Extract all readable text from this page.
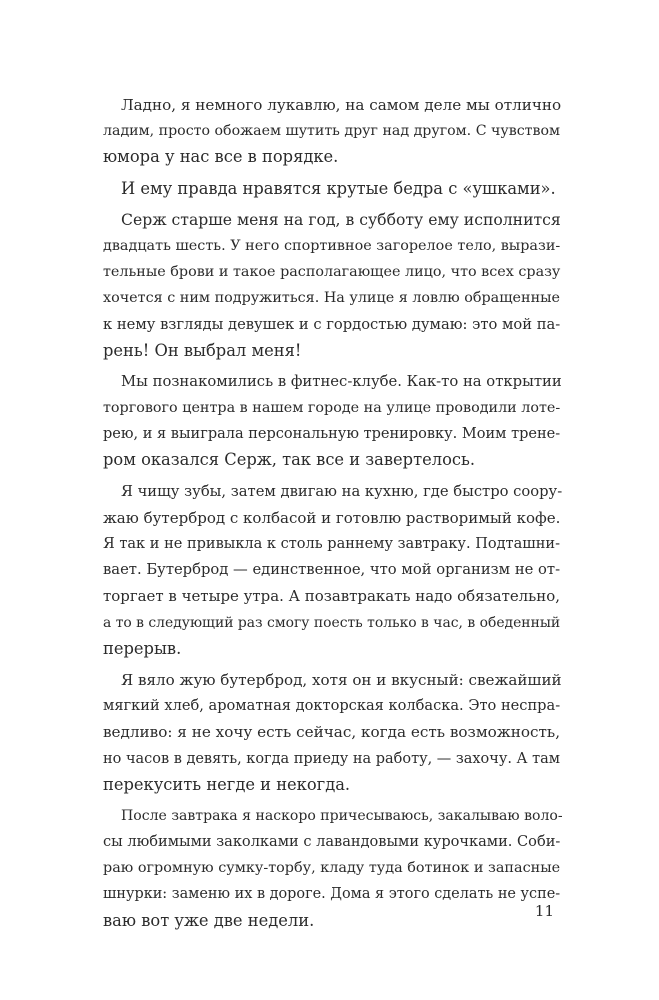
Ладно, я немного лукавлю, на самом деле мы отлично
ладим, просто обожаем шутить друг над другом. С чувством
юмора у нас все в порядке.
И ему правда нравятся крутые бедра с «ушками».
Серж старше меня на год, в субботу ему исполнится
двадцать шесть. У него спортивное загорелое тело, вырази-
тельные брови и такое располагающее лицо, что всех сразу
хочется с ним подружиться. На улице я ловлю обращенные
к нему взгляды девушек и с гордостью думаю: это мой па-
рень! Он выбрал меня!
Мы познакомились в фитнес-клубе. Как-то на открытии
торгового центра в нашем городе на улице проводили лоте-
рею, и я выиграла персональную тренировку. Моим трене-
ром оказался Серж, так все и завертелось.
Я чищу зубы, затем двигаю на кухню, где быстро соору-
жаю бутерброд с колбасой и готовлю растворимый кофе.
Я так и не привыкла к столь раннему завтраку. Подташни-
вает. Бутерброд — единственное, что мой организм не от-
торгает в четыре утра. А позавтракать надо обязательно,
а то в следующий раз смогу поесть только в час, в обеденный
перерыв.
Я вяло жую бутерброд, хотя он и вкусный: свежайший
мягкий хлеб, ароматная докторская колбаска. Это неспра-
ведливо: я не хочу есть сейчас, когда есть возможность,
но часов в девять, когда приеду на работу, — захочу. А там
перекусить негде и некогда.
После завтрака я наскоро причесываюсь, закалываю воло-
сы любимыми заколками с лавандовыми курочками. Соби-
раю огромную сумку-торбу, кладу туда ботинок и запасные
шнурки: заменю их в дороге. Дома я этого сделать не успе-
ваю вот уже две недели.	11
